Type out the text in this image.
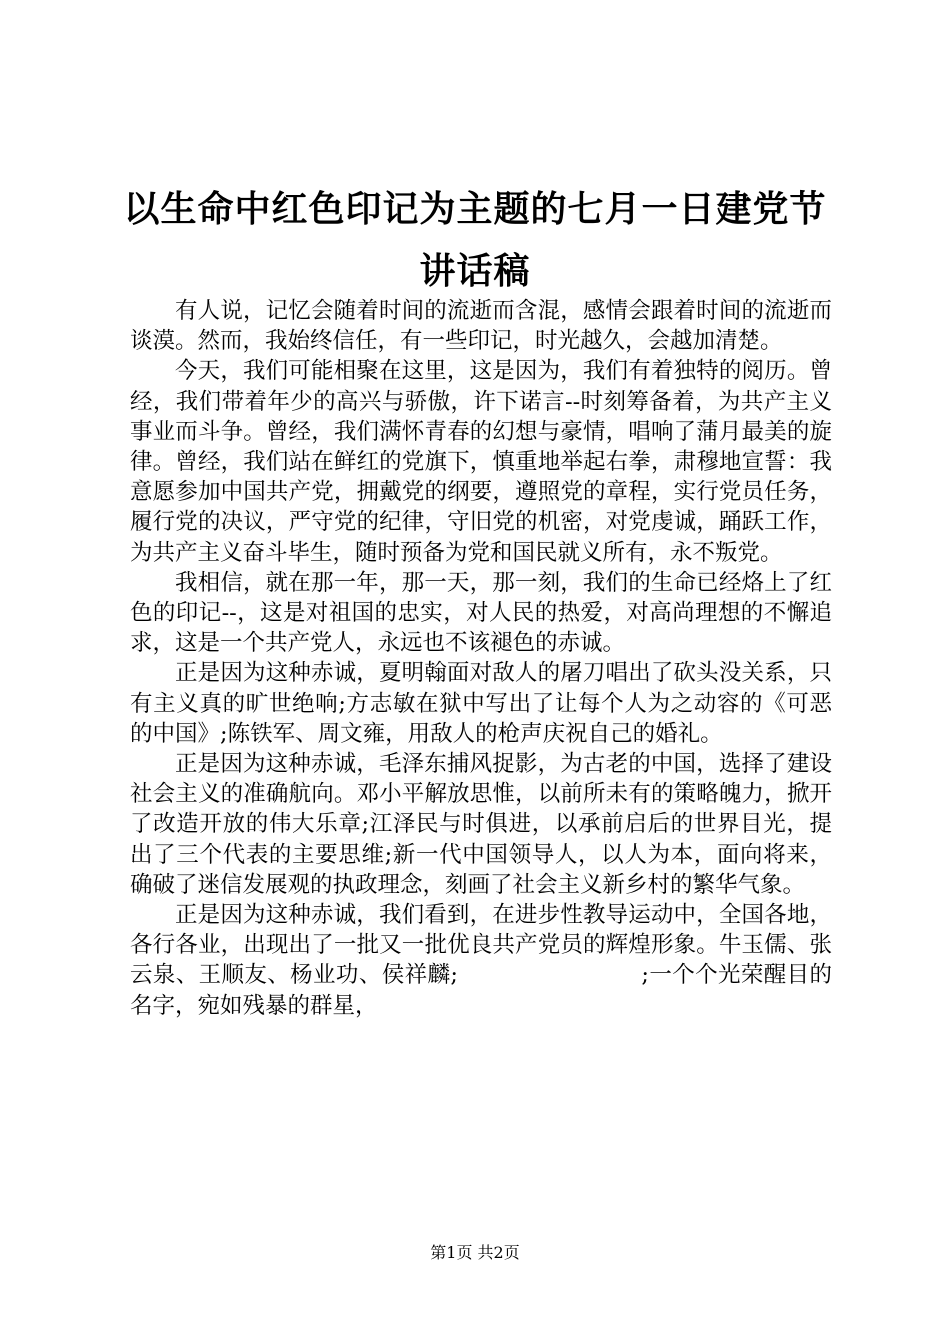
以生命中红色印记为主题的七月一日建党节讲话稿

有人说，记忆会随着时间的流逝而含混，感情会跟着时间的流逝而谈漠。然而，我始终信任，有一些印记，时光越久，会越加清楚。

今天，我们可能相聚在这里，这是因为，我们有着独特的阅历。曾经，我们带着年少的高兴与骄傲，许下诺言--时刻筹备着，为共产主义事业而斗争。曾经，我们满怀青春的幻想与豪情，唱响了蒲月最美的旋律。曾经，我们站在鲜红的党旗下，慎重地举起右拳，肃穆地宣誓：我意愿参加中国共产党，拥戴党的纲要，遵照党的章程，实行党员任务，履行党的决议，严守党的纪律，守旧党的机密，对党虔诚，踊跃工作，为共产主义奋斗毕生，随时预备为党和国民就义所有，永不叛党。

我相信，就在那一年，那一天，那一刻，我们的生命已经烙上了红色的印记--，这是对祖国的忠实，对人民的热爱，对高尚理想的不懈追求，这是一个共产党人，永远也不该褪色的赤诚。

正是因为这种赤诚，夏明翰面对敌人的屠刀唱出了砍头没关系，只有主义真的旷世绝响;方志敏在狱中写出了让每个人为之动容的《可恶的中国》;陈铁军、周文雍，用敌人的枪声庆祝自己的婚礼。

正是因为这种赤诚，毛泽东捕风捉影，为古老的中国，选择了建设社会主义的准确航向。邓小平解放思惟，以前所未有的策略魄力，掀开了改造开放的伟大乐章;江泽民与时俱进，以承前启后的世界目光，提出了三个代表的主要思维;新一代中国领导人，以人为本，面向将来，确破了迷信发展观的执政理念，刻画了社会主义新乡村的繁华气象。

正是因为这种赤诚，我们看到，在进步性教导运动中，全国各地，各行各业，出现出了一批又一批优良共产党员的辉煌形象。牛玉儒、张云泉、王顺友、杨业功、侯祥麟;　　　　　　　　;一个个光荣醒目的名字，宛如残暴的群星，

第1页 共2页
